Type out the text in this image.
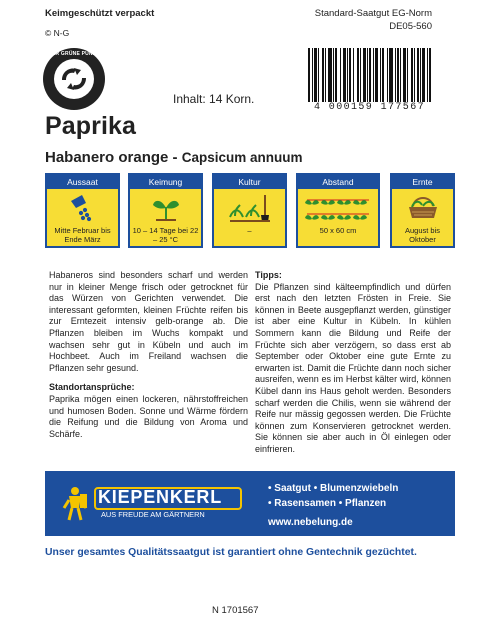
Keimgeschützt verpackt
© N-G
Standard-Saatgut EG-Norm
DE05-560
DER GRÜNE PUNKT
4 000159 177567
Inhalt: 14 Korn.
Paprika
Habanero orange - Capsicum annuum
Aussaat
Mitte Februar bis Ende März
Keimung
10 – 14 Tage bei 22 – 25 °C
Kultur
–
Abstand
50 x 60 cm
Ernte
August bis Oktober

Habaneros sind besonders scharf und werden nur in kleiner Menge frisch oder getrocknet für das Würzen von Gerichten verwendet. Die interessant geformten, kleinen Früchte reifen bis zur Erntezeit intensiv gelb-orange ab. Die Pflanzen bleiben im Wuchs kompakt und wachsen sehr gut in Kübeln und auch im Hochbeet. Auch im Freiland wachsen die Pflanzen sehr gesund.

Standortansprüche:

Paprika mögen einen lockeren, nährstoffreichen und humosen Boden. Sonne und Wärme fördern die Reifung und die Bildung von Aroma und Schärfe.

Tipps:

Die Pflanzen sind kälteempfindlich und dürfen erst nach den letzten Frösten in Freie. Sie können in Beete ausgepflanzt werden, günstiger ist aber eine Kultur in Kübeln. In kühlen Sommern kann die Bildung und Reife der Früchte sich aber verzögern, so dass erst ab September oder Oktober eine gute Ernte zu erwarten ist. Damit die Früchte dann noch sicher ausreifen, wenn es im Herbst kälter wird, können Kübel dann ins Haus geholt werden. Besonders scharf werden die Chilis, wenn sie während der Reife nur mässig gegossen werden. Die Früchte können zum Konservieren getrocknet werden. Sie können sie aber auch in Öl einlegen oder einfrieren.

KIEPENKERL
AUS FREUDE AM GÄRTNERN
• Saatgut • Blumenzwiebeln
• Rasensamen • Pflanzen
www.nebelung.de
Unser gesamtes Qualitätssaatgut ist garantiert ohne Gentechnik gezüchtet.
N 1701567
